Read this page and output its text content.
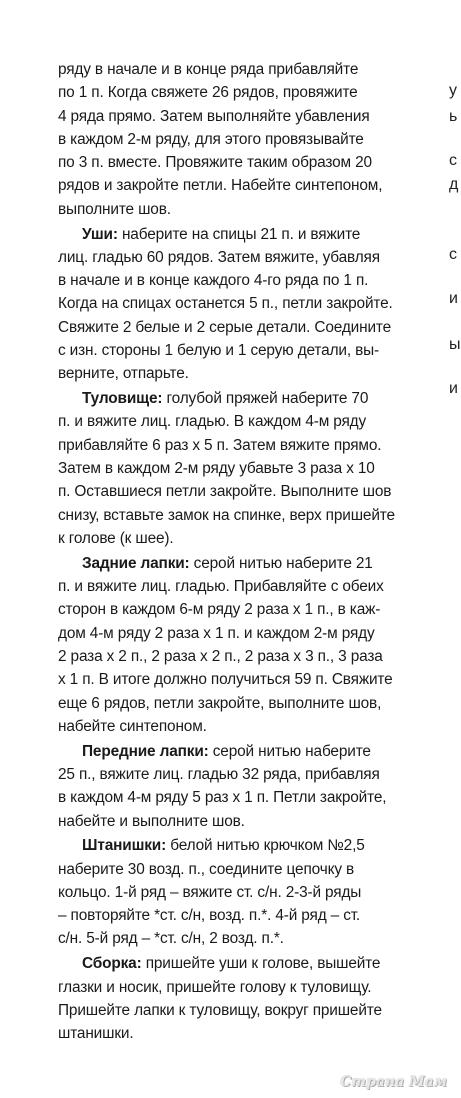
ряду в начале и в конце ряда прибавляйте
по 1 п. Когда свяжете 26 рядов, провяжите
4 ряда прямо. Затем выполняйте убавления
в каждом 2-м ряду, для этого провязывайте
по 3 п. вместе. Провяжите таким образом 20
рядов и закройте петли. Набейте синтепоном,
выполните шов.
Уши: наберите на спицы 21 п. и вяжите
лиц. гладью 60 рядов. Затем вяжите, убавляя
в начале и в конце каждого 4-го ряда по 1 п.
Когда на спицах останется 5 п., петли закройте.
Свяжите 2 белые и 2 серые детали. Соедините
с изн. стороны 1 белую и 1 серую детали, вы-
верните, отпарьте.
Туловище: голубой пряжей наберите 70
п. и вяжите лиц. гладью. В каждом 4-м ряду
прибавляйте 6 раз х 5 п. Затем вяжите прямо.
Затем в каждом 2-м ряду убавьте 3 раза х 10
п. Оставшиеся петли закройте. Выполните шов
снизу, вставьте замок на спинке, верх пришейте
к голове (к шее).
Задние лапки: серой нитью наберите 21
п. и вяжите лиц. гладью. Прибавляйте с обеих
сторон в каждом 6-м ряду 2 раза х 1 п., в каж-
дом 4-м ряду 2 раза х 1 п. и каждом 2-м ряду
2 раза х 2 п., 2 раза х 2 п., 2 раза х 3 п., 3 раза
х 1 п. В итоге должно получиться 59 п. Свяжите
еще 6 рядов, петли закройте, выполните шов,
набейте синтепоном.
Передние лапки: серой нитью наберите
25 п., вяжите лиц. гладью 32 ряда, прибавляя
в каждом 4-м ряду 5 раз х 1 п. Петли закройте,
набейте и выполните шов.
Штанишки: белой нитью крючком №2,5
наберите 30 возд. п., соедините цепочку в
кольцо. 1-й ряд – вяжите ст. с/н. 2-3-й ряды
– повторяйте *ст. с/н, возд. п.*. 4-й ряд – ст.
с/н. 5-й ряд – *ст. с/н, 2 возд. п.*.
Сборка: пришейте уши к голове, вышейте
глазки и носик, пришейте голову к туловищу.
Пришейте лапки к туловищу, вокруг пришейте
штанишки.
у
ь
с
д
с
и
ы
и
Страна Мам
